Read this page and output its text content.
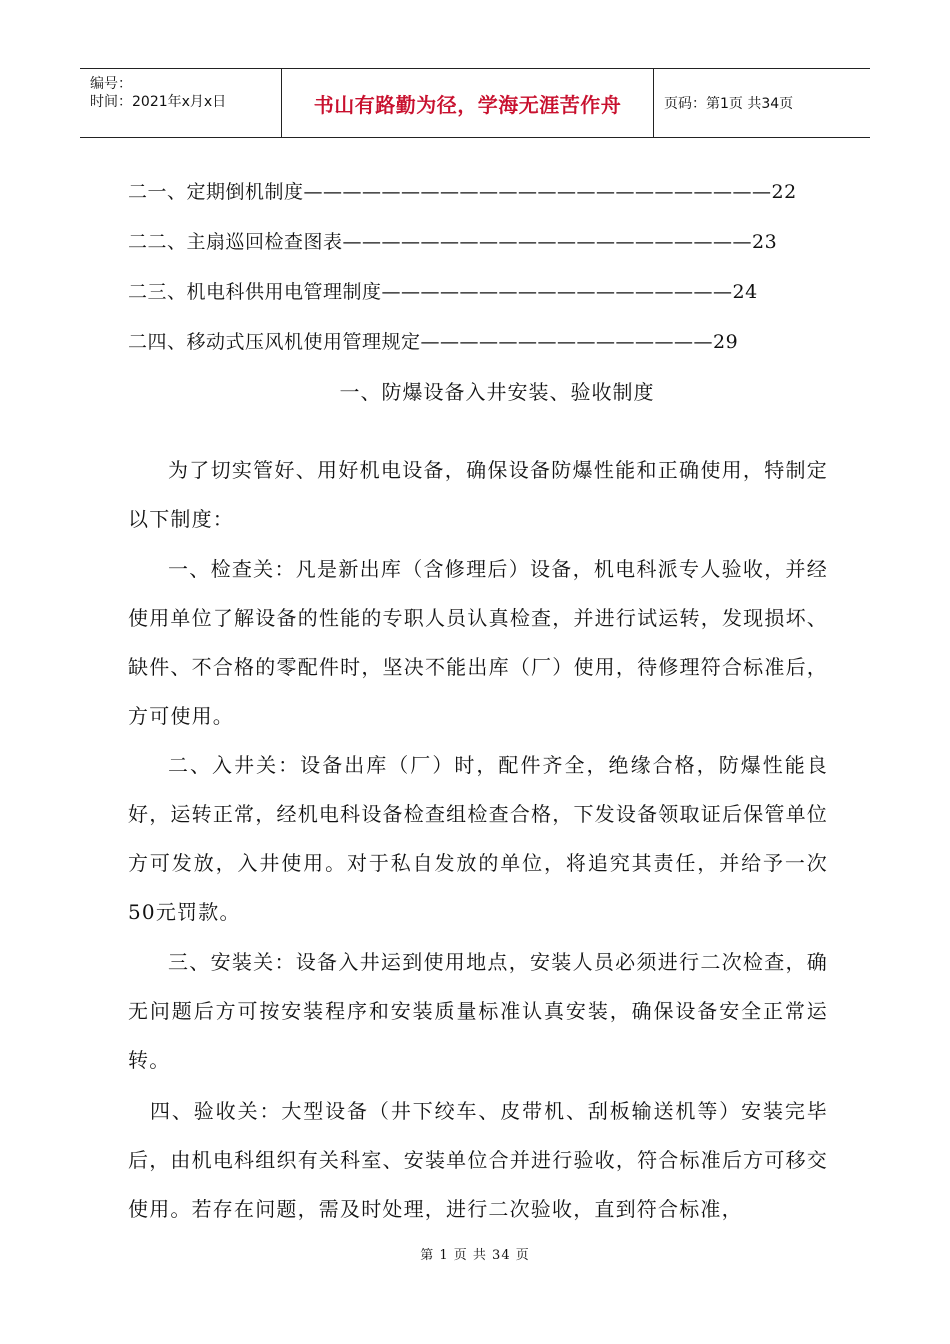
编号：
时间：2021年x月x日	书山有路勤为径，学海无涯苦作舟	页码：第1页 共34页
二一、定期倒机制度————————————————————————22
二二、主扇巡回检查图表—————————————————————23
二三、机电科供用电管理制度——————————————————24
二四、移动式压风机使用管理规定———————————————29
一、防爆设备入井安装、验收制度

为了切实管好、用好机电设备，确保设备防爆性能和正确使用，特制定以下制度：

一、检查关：凡是新出库（含修理后）设备，机电科派专人验收，并经使用单位了解设备的性能的专职人员认真检查，并进行试运转，发现损坏、缺件、不合格的零配件时，坚决不能出库（厂）使用，待修理符合标准后，方可使用。

二、入井关：设备出库（厂）时，配件齐全，绝缘合格，防爆性能良好，运转正常，经机电科设备检查组检查合格，下发设备领取证后保管单位方可发放，入井使用。对于私自发放的单位，将追究其责任，并给予一次50元罚款。

三、安装关：设备入井运到使用地点，安装人员必须进行二次检查，确无问题后方可按安装程序和安装质量标准认真安装，确保设备安全正常运转。

四、验收关：大型设备（井下绞车、皮带机、刮板输送机等）安装完毕后，由机电科组织有关科室、安装单位合并进行验收，符合标准后方可移交使用。若存在问题，需及时处理，进行二次验收，直到符合标准，

第 1 页 共 34 页
